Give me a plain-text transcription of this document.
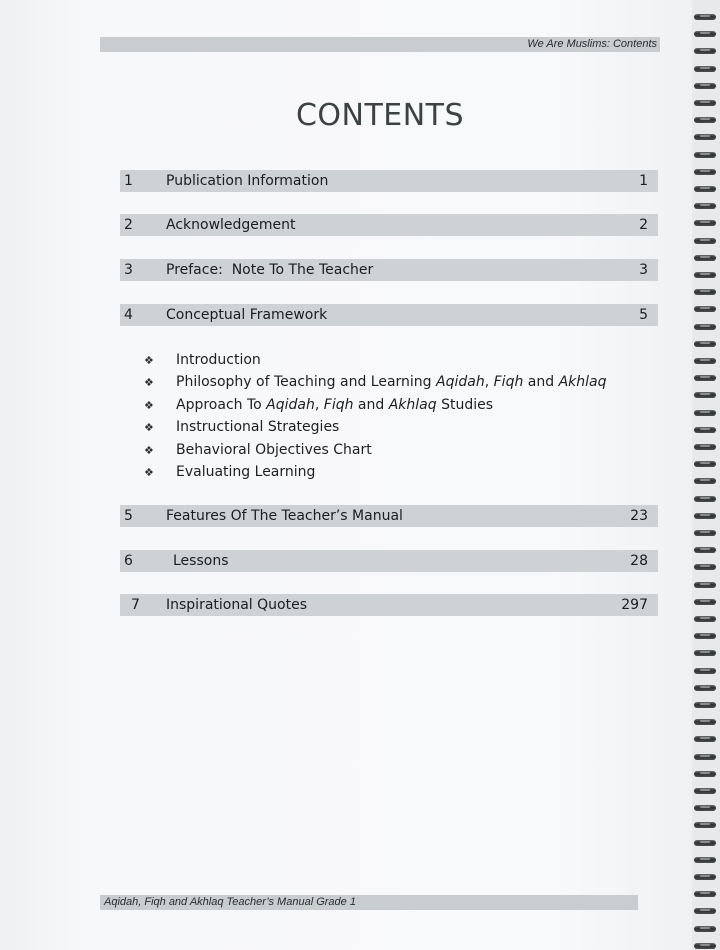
We Are Muslims: Contents
CONTENTS
1 Publication Information	1
2 Acknowledgement	2
3 Preface:  Note To The Teacher	3
4 Conceptual Framework	5
❖ Introduction
❖ Philosophy of Teaching and Learning Aqidah, Fiqh and Akhlaq
❖ Approach To Aqidah, Fiqh and Akhlaq Studies
❖ Instructional Strategies
❖ Behavioral Objectives Chart
❖ Evaluating Learning
5 Features Of The Teacher’s Manual	23
6	Lessons	28
7 Inspirational Quotes	297
Aqidah, Fiqh and Akhlaq Teacher’s Manual Grade 1
